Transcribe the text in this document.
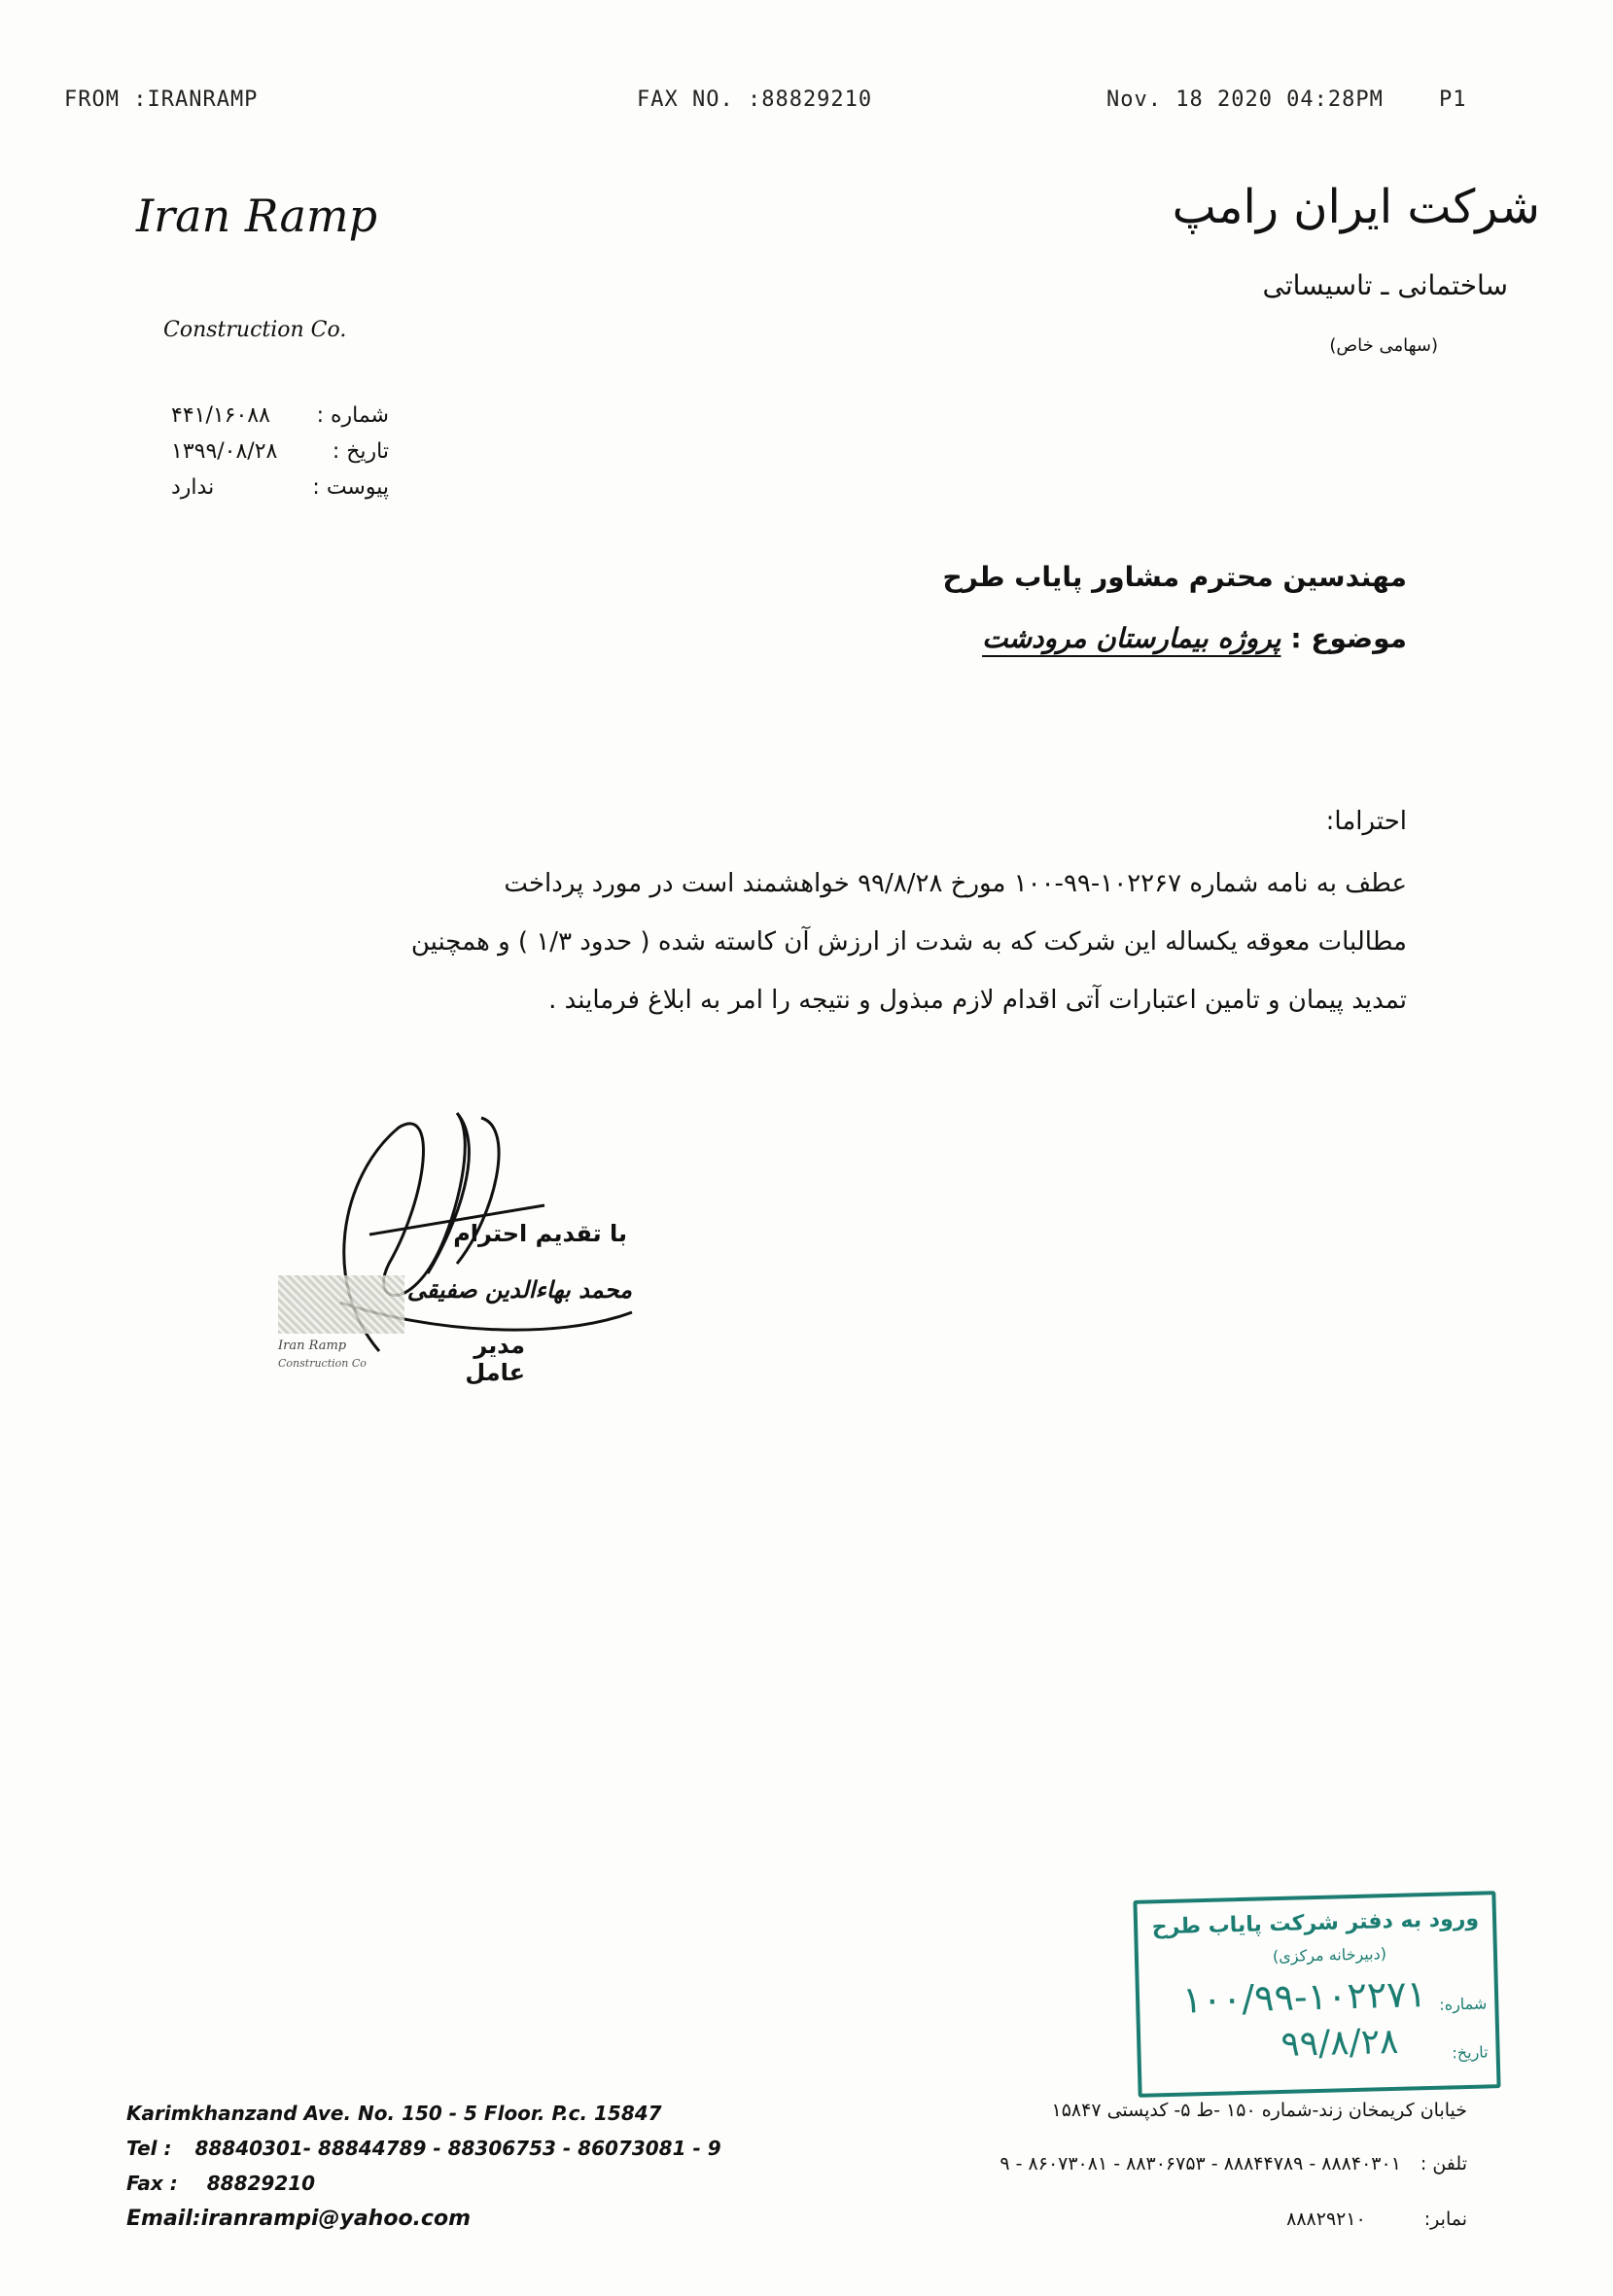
FROM :IRANRAMP	FAX NO. :88829210	Nov. 18 2020 04:28PM	P1
Iran Ramp
Construction Co.
شرکت ایران رامپ
ساختمانی ـ تاسیساتی
(سهامی خاص)
شماره :
۴۴۱/۱۶۰۸۸
تاریخ :
۱۳۹۹/۰۸/۲۸
پیوست :
ندارد
مهندسین محترم مشاور پایاب طرح
موضوع :
پروژه بیمارستان مرودشت
احتراما:
عطف به نامه شماره ۱۰۲۲۶۷-۹۹-۱۰۰ مورخ ۹۹/۸/۲۸ خواهشمند است در مورد پرداخت
مطالبات معوقه یکساله این شرکت که به شدت از ارزش آن کاسته شده ( حدود ۱/۳ ) و همچنین
تمدید پیمان و تامین اعتبارات آتی اقدام لازم مبذول و نتیجه را امر به ابلاغ فرمایند .
Iran Ramp
Construction Co
با تقدیم احترام
محمد بهاءالدین صفیقی
مدیر عامل
ورود به دفتر شرکت پایاب طرح
(دبیرخانه مرکزی)
شماره:
۱۰۰/۹۹-۱۰۲۲۷۱
تاریخ:
۹۹/۸/۲۸
Karimkhanzand Ave. No. 150 - 5 Floor. P.c. 15847
Tel : 88840301- 88844789 - 88306753 - 86073081 - 9
Fax : 88829210
Email:iranrampi@yahoo.com
خیابان کریمخان زند-شماره ۱۵۰ -ط ۵- کدپستی ۱۵۸۴۷
تلفن :
۸۸۸۴۰۳۰۱ - ۸۸۸۴۴۷۸۹ - ۸۸۳۰۶۷۵۳ - ۸۶۰۷۳۰۸۱ - ۹
نمابر:
۸۸۸۲۹۲۱۰
